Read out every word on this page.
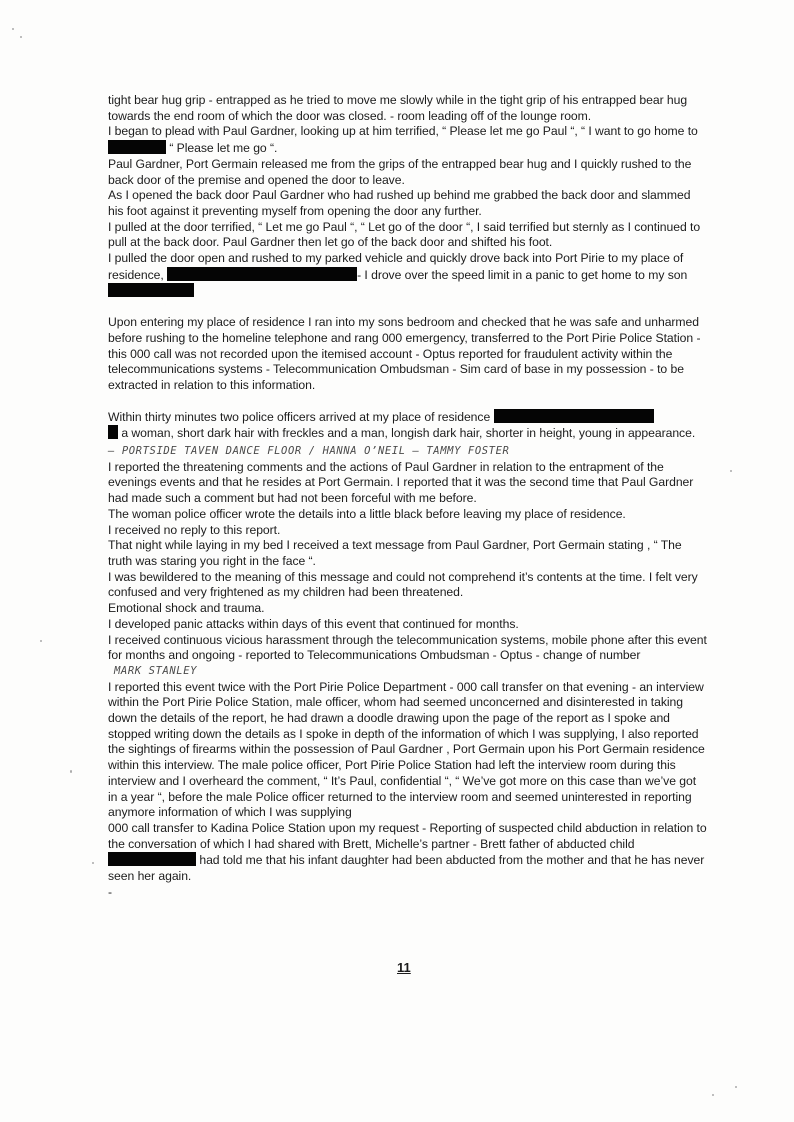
tight bear hug grip - entrapped as he tried to move me slowly while in the tight grip of his entrapped bear hug towards the end room of which the door was closed. - room leading off of the lounge room.

I began to plead with Paul Gardner, looking up at him terrified, “ Please let me go Paul “, “ I want to go home to “ Please let me go “.

Paul Gardner, Port Germain released me from the grips of the entrapped bear hug and I quickly rushed to the back door of the premise and opened the door to leave.

As I opened the back door Paul Gardner who had rushed up behind me grabbed the back door and slammed his foot against it preventing myself from opening the door any further.

I pulled at the door terrified, “ Let me go Paul “, “ Let go of the door “, I said terrified but sternly as I continued to pull at the back door. Paul Gardner then let go of the back door and shifted his foot.

I pulled the door open and rushed to my parked vehicle and quickly drove back into Port Pirie to my place of residence,	- I drove over the speed limit in a panic to get home to my son

Upon entering my place of residence I ran into my sons bedroom and checked that he was safe and unharmed before rushing to the homeline telephone and rang 000 emergency, transferred to the Port Pirie Police Station - this 000 call was not recorded upon the itemised account - Optus reported for fraudulent activity within the telecommunications systems - Telecommunication Ombudsman - Sim card of base in my possession - to be extracted in relation to this information.

Within thirty minutes two police officers arrived at my place of residence
a woman, short dark hair with freckles and a man, longish dark hair, shorter in height, young in appearance. – PORTSIDE TAVEN DANCE FLOOR / HANNA O’NEIL – TAMMY FOSTER

I reported the threatening comments and the actions of Paul Gardner in relation to the entrapment of the evenings events and that he resides at Port Germain. I reported that it was the second time that Paul Gardner had made such a comment but had not been forceful with me before.

The woman police officer wrote the details into a little black before leaving my place of residence.

I received no reply to this report.

That night while laying in my bed I received a text message from Paul Gardner, Port Germain stating , “ The truth was staring you right in the face “.

I was bewildered to the meaning of this message and could not comprehend it’s contents at the time. I felt very confused and very frightened as my children had been threatened.

Emotional shock and trauma.

I developed panic attacks within days of this event that continued for months.

I received continuous vicious harassment through the telecommunication systems, mobile phone after this event for months and ongoing - reported to Telecommunications Ombudsman - Optus - change of number

MARK STANLEY

I reported this event twice with the Port Pirie Police Department - 000 call transfer on that evening - an interview within the Port Pirie Police Station, male officer, whom had seemed unconcerned and disinterested in taking down the details of the report, he had drawn a doodle drawing upon the page of the report as I spoke and stopped writing down the details as I spoke in depth of the information of which I was supplying, I also reported the sightings of firearms within the possession of Paul Gardner , Port Germain upon his Port Germain residence within this interview. The male police officer, Port Pirie Police Station had left the interview room during this interview and I overheard the comment, “ It’s Paul, confidential “, “ We’ve got more on this case than we’ve got in a year “, before the male Police officer returned to the interview room and seemed uninterested in reporting anymore information of which I was supplying

000 call transfer to Kadina Police Station upon my request - Reporting of suspected child abduction in relation to the conversation of which I had shared with Brett, Michelle’s partner - Brett father of abducted child had told me that his infant daughter had been abducted from the mother and that he has never seen her again.

-

11
